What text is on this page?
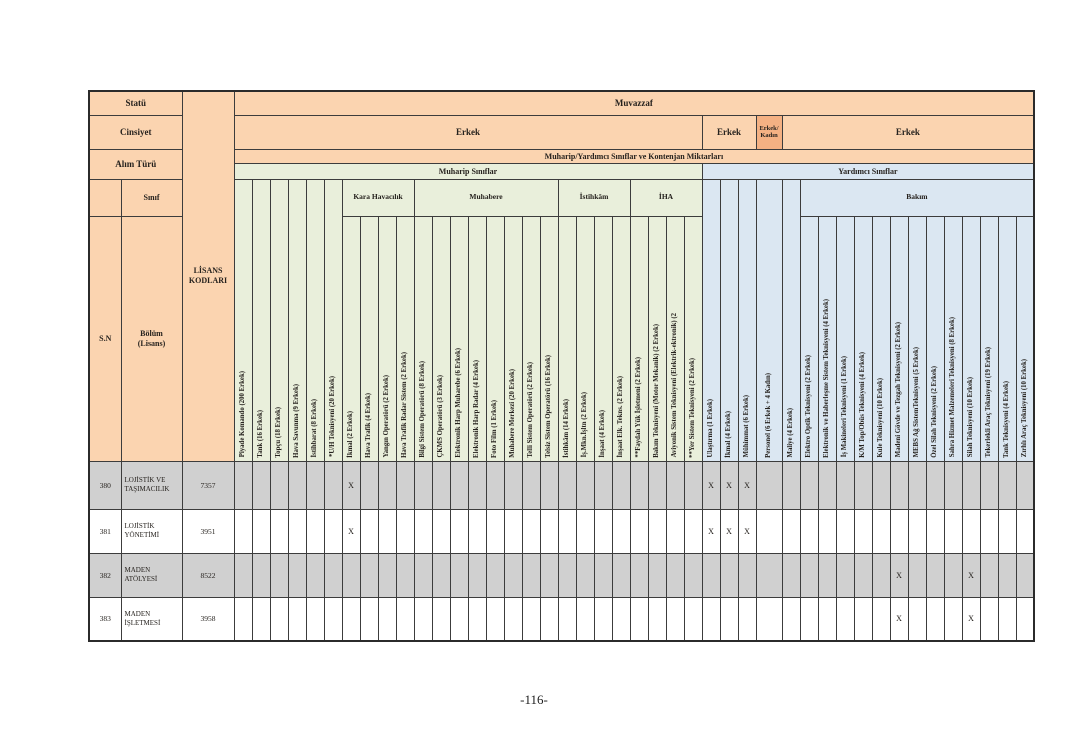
Statü		LİSANS KODLARI	Muvazzaf																																											
Cinsiyet			Erkek																										Erkek			Erkek/ Kadın	Erkek													
Alım Türü			Muharip/Yardımcı Sınıflar ve Kontenjan Miktarları																																											
			Muharip Sınıflar																										Yardımcı Sınıflar																	
	Sınıf		Piyade Komando (200 Erkek)	Tank (16 Erkek)	Topçu (18 Erkek)	Hava Savunma (9 Erkek)	İstihbarat (8 Erkek)	*U/H Teknisyeni (20 Erkek)	Kara Havacılık				Muhabere								İstihkâm				İHA				Ulaştırma (1 Erkek)	İkmal (4 Erkek)	Mühimmat (6 Erkek)	Personel (6 Erkek + 4 Kadın)	Maliye (4 Erkek)	Bakım												
S.N	Bölüm (Lisans)								İkmal (2 Erkek)	Hava Trafik (4 Erkek)	Yangın Operatörü (2 Erkek)	Hava Trafik Radar Sistem (2 Erkek)	Bilgi Sistem Operatörü (8 Erkek)	ÇKMS Operatörü (3 Erkek)	Elektronik Harp Muharebe (6 Erkek)	Elektronik Harp Radar (4 Erkek)	Foto Film (1 Erkek)	Muhabere Merkezi (20 Erkek)	Telli Sistem Operatörü (2 Erkek)	Telsiz Sistem Operatörü (16 Erkek)	İstihkâm (14 Erkek)	İş.Mkn.İşltn (2 Erkek)	İnşaat (4 Erkek)	İnşaat Elk. Tekns. (2 Erkek)	**Faydalı Yük İşletmeni (2 Erkek)	Bakım Teknisyeni (Motor Mekanik) (2 Erkek)	Aviyonik Sistem Teknisyeni (Elektrik-ektronik) (2	**Yer Sistem Teknisyeni (2 Erkek)						Elektro Optik Teknisyeni (2 Erkek)	Elektronik ve Haberleşme Sistem Teknisyeni (4 Erkek)	İş Makineleri Teknisyeni (1 Erkek)	K/M Top/Obüs Teknisyeni (4 Erkek)	Kule Teknisyeni (10 Erkek)	Madeni Gövde ve Tezgah Teknisyeni (2 Erkek)	MEBS Ağ SistemTeknisyeni (5 Erkek)	Özel Silah Teknisyeni (2 Erkek)	Sahra Hizmet Malzemeleri Teknisyeni (8 Erkek)	Silah Teknisyeni (10 Erkek)	Tekerlekli Araç Teknisyeni (19 Erkek)	Tank Teknisyeni (4 Erkek)	Zırhlı Araç Teknisyeni (10 Erkek)

380	LOJİSTİK VE TAŞIMACILIK	7357							X																				X	X	X															
381	LOJİSTİK YÖNETİMİ	3951							X																				X	X	X															
382	MADEN ATÖLYESİ	8522																																					X				X			
383	MADEN İŞLETMESİ	3958																																					X				X			
-116-
